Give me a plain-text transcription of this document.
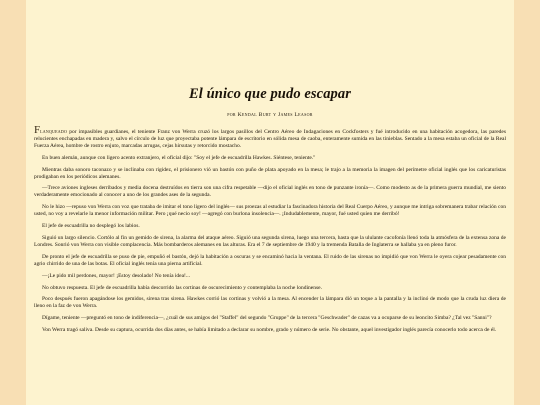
El único que pudo escapar
por Kendal Burt y James Leasor

Flanqueado por impasibles guardianes, el teniente Franz von Werra cruzó los largos pasillos del Centro Aéreo de Indagaciones en Cockfosters y fué introducido en una habitación acogedora, las paredes relucientes enchapadas en madera y, salvo el círculo de luz que proyectaba potente lámpara de escritorio en sólida mesa de caoba, enteramente sumida en las tinieblas. Sentado a la mesa estaba un oficial de la Real Fuerza Aérea, hombre de rostro enjuto, marcadas arrugas, cejas hirsutas y retorcido mostacho.

En buen alemán, aunque con ligero acento extranjero, el oficial dijo: "Soy el jefe de escuadrilla Hawkes. Siéntese, teniente."

Mientras daba sonoro taconazo y se inclinaba con rigidez, el prisionero vió un bastón con puño de plata apoyado en la mesa; le trajo a la memoria la imagen del perímetre oficial inglés que los caricaturistas prodigaban en los periódicos alemanes.

—Trece aviones ingleses derribados y media docena destruídos en tierra son una cifra respetable —dijo el oficial inglés en tono de punzante ironía—. Como modesto as de la primera guerra mundial, me siento verdaderamente emocionado al conocer a uno de los grandes ases de la segunda.

No le hizo —repuso von Werra con voz que trataba de imitar el tono ligero del inglés— sus proezas al estudiar la fascinadora historia del Real Cuerpo Aéreo, y aunque me intriga sobremanera trabar relación con usted, no voy a revelarle la menor información militar. Pero ¡qué necio soy! —agregó con burlona insolencia—. ¡Indudablemente, mayor, fué usted quien me derribó!

El jefe de escuadrilla no desplegó los labios.

Siguió un largo silencio. Cortólo al fin un gemido de sirena, la alarma del ataque aéreo. Siguió una segunda sirena, luego una tercera, hasta que la ululante cacofonía llenó toda la atmósfera de la extensa zona de Londres. Sonrió von Werra con visible complacencia. Más bombarderos alemanes en las alturas. Era el 7 de septiembre de 1940 y la tremenda Batalla de Inglaterra se hallaba ya en pleno furor.

De pronto el jefe de escuadrilla se puso de pie, empuñó el bastón, dejó la habitación a oscuras y se encaminó hacia la ventana. El ruido de las sirenas no impidió que von Werra le oyera cojear pesadamente con agrio chirrido de una de las botas. El oficial inglés tenía una pierna artificial.

—¡Le pido mil perdones, mayor! ¡Estoy desolado! No tenía idea!...

No obtuvo respuesta. El jefe de escuadrilla había descorrido las cortinas de oscurecimiento y contemplaba la noche londinense.

Poco después fueron apagándose los gemidos, sirena tras sirena. Hawkes corrió las cortinas y volvió a la mesa. Al encender la lámpara dió un toque a la pantalla y la inclinó de modo que la cruda luz diera de lleno en la faz de von Werra.

Dígame, teniente —preguntó en tono de indiferencia—, ¿cuál de sus amigos del "Staffel" del segundo "Gruppe" de la tercera "Geschwader" de cazas va a ocuparse de su leoncito Simba? ¿Tal vez "Sanni"?

Von Werra tragó saliva. Desde su captura, ocurrida dos días antes, se había limitado a declarar su nombre, grado y número de serie. No obstante, aquel investigador inglés parecía conocerlo todo acerca de él.
